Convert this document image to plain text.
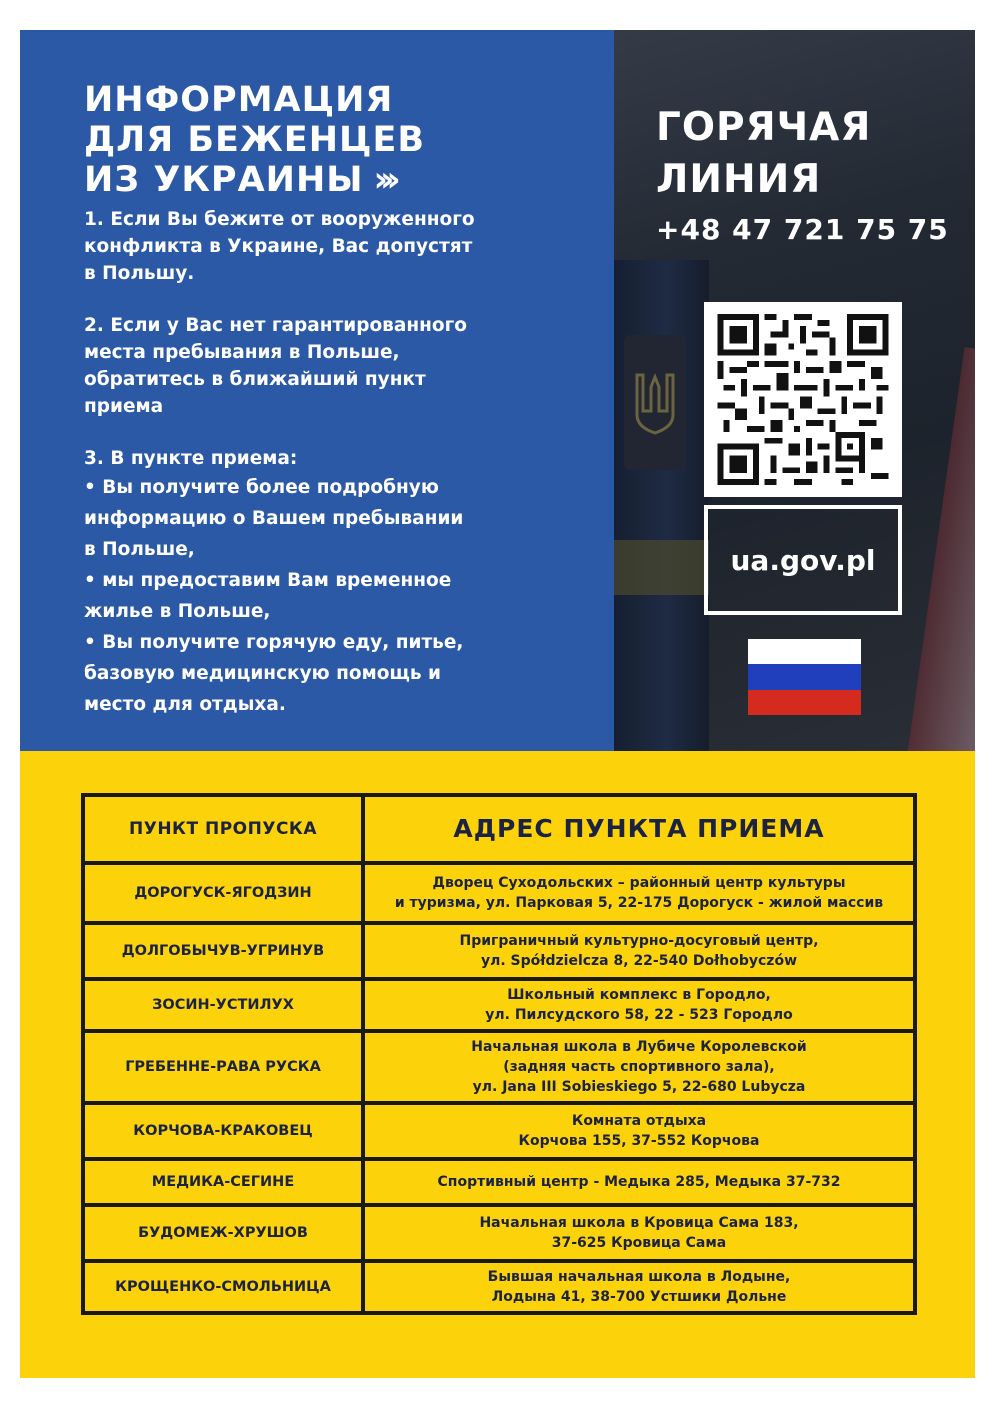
ИНФОРМАЦИЯ
ДЛЯ БЕЖЕНЦЕВ
ИЗ УКРАИНЫ ›››

1. Если Вы бежите от вооруженного

конфликта в Украине, Вас допустят

в Польшу.

2. Если у Вас нет гарантированного

места пребывания в Польше,

обратитесь в ближайший пункт

приема

3. В пункте приема:

• Вы получите более подробную

информацию о Вашем пребывании

в Польше,

• мы предоставим Вам временное

жилье в Польше,

• Вы получите горячую еду, питье,

базовую медицинскую помощь и

место для отдыха.

ГОРЯЧАЯ
ЛИНИЯ
+48 47 721 75 75
ua.gov.pl
ПУНКТ ПРОПУСКА	АДРЕС ПУНКТА ПРИЕМА
ДОРОГУСК-ЯГОДЗИН	Дворец Суходольских – районный центр культуры
и туризма, ул. Парковая 5, 22-175 Дорогуск - жилой массив

ДОЛГОБЫЧУВ-УГРИНУВ	Приграничный культурно-досуговый центр,
ул. Spółdzielcza 8, 22-540 Dołhobyczów

ЗОСИН-УСТИЛУХ	Школьный комплекс в Городло,
ул. Пилсудского 58, 22 - 523 Городло

ГРЕБЕННЕ-РАВА РУСКА	Начальная школа в Лубиче Королевской
(задняя часть спортивного зала),
ул. Jana III Sobieskiego 5, 22-680 Lubycza

КОРЧОВА-КРАКОВЕЦ	Комната отдыха
Корчова 155, 37-552 Корчова

МЕДИКА-СЕГИНЕ	Спортивный центр - Медыка 285, Медыка 37-732

БУДОМЕЖ-ХРУШОВ	Начальная школа в Кровица Сама 183,
37-625 Кровица Сама

КРОЩЕНКО-СМОЛЬНИЦА	Бывшая начальная школа в Лодыне,
Лодына 41, 38-700 Устшики Дольне
